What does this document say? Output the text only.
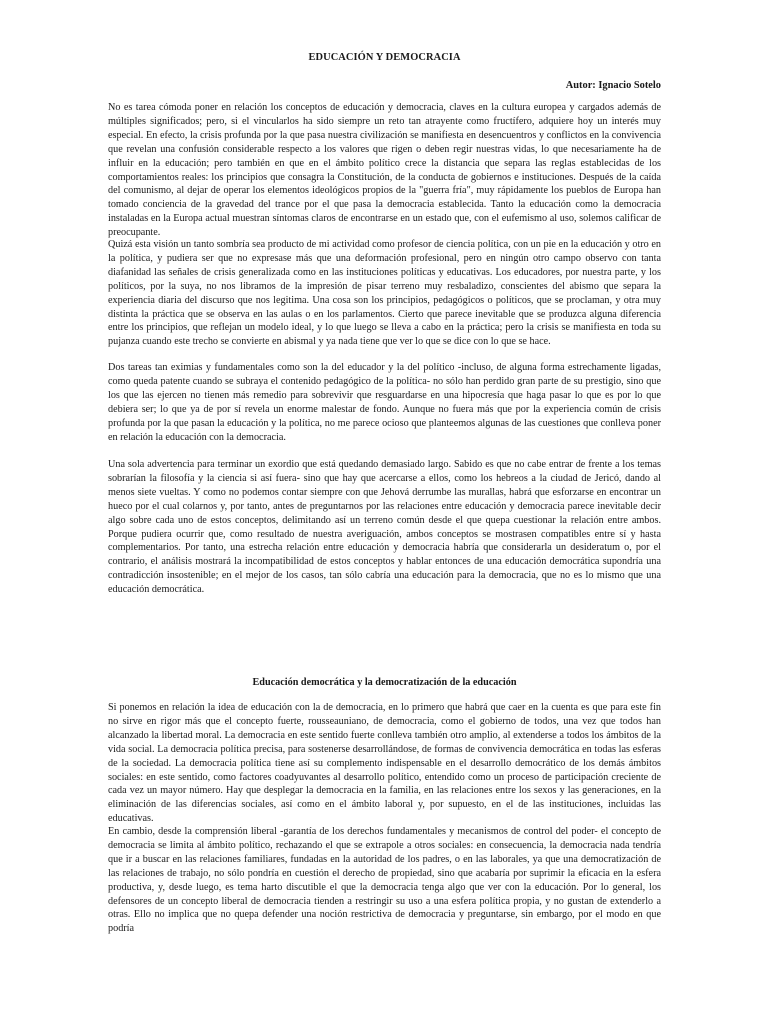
EDUCACIÓN Y DEMOCRACIA
Autor: Ignacio Sotelo

No es tarea cómoda poner en relación los conceptos de educación y democracia, claves en la cultura europea y cargados además de múltiples significados; pero, si el vincularlos ha sido siempre un reto tan atrayente como fructífero, adquiere hoy un interés muy especial. En efecto, la crisis profunda por la que pasa nuestra civilización se manifiesta en desencuentros y conflictos en la convivencia que revelan una confusión considerable respecto a los valores que rigen o deben regir nuestras vidas, lo que necesariamente ha de influir en la educación; pero también en que en el ámbito político crece la distancia que separa las reglas establecidas de los comportamientos reales: los principios que consagra la Constitución, de la conducta de gobiernos e instituciones. Después de la caída del comunismo, al dejar de operar los elementos ideológicos propios de la "guerra fría", muy rápidamente los pueblos de Europa han tomado conciencia de la gravedad del trance por el que pasa la democracia establecida. Tanto la educación como la democracia instaladas en la Europa actual muestran síntomas claros de encontrarse en un estado que, con el eufemismo al uso, solemos calificar de preocupante.

Quizá esta visión un tanto sombría sea producto de mi actividad como profesor de ciencia política, con un pie en la educación y otro en la política, y pudiera ser que no expresase más que una deformación profesional, pero en ningún otro campo observo con tanta diafanidad las señales de crisis generalizada como en las instituciones políticas y educativas. Los educadores, por nuestra parte, y los políticos, por la suya, no nos libramos de la impresión de pisar terreno muy resbaladizo, conscientes del abismo que separa la experiencia diaria del discurso que nos legitima. Una cosa son los principios, pedagógicos o políticos, que se proclaman, y otra muy distinta la práctica que se observa en las aulas o en los parlamentos. Cierto que parece inevitable que se produzca alguna diferencia entre los principios, que reflejan un modelo ideal, y lo que luego se lleva a cabo en la práctica; pero la crisis se manifiesta en toda su pujanza cuando este trecho se convierte en abismal y ya nada tiene que ver lo que se dice con lo que se hace.

Dos tareas tan eximias y fundamentales como son la del educador y la del político -incluso, de alguna forma estrechamente ligadas, como queda patente cuando se subraya el contenido pedagógico de la política- no sólo han perdido gran parte de su prestigio, sino que los que las ejercen no tienen más remedio para sobrevivir que resguardarse en una hipocresía que haga pasar lo que es por lo que debiera ser; lo que ya de por sí revela un enorme malestar de fondo. Aunque no fuera más que por la experiencia común de crisis profunda por la que pasan la educación y la política, no me parece ocioso que planteemos algunas de las cuestiones que conlleva poner en relación la educación con la democracia.

Una sola advertencia para terminar un exordio que está quedando demasiado largo. Sabido es que no cabe entrar de frente a los temas sobrarían la filosofía y la ciencia si así fuera- sino que hay que acercarse a ellos, como los hebreos a la ciudad de Jericó, dando al menos siete vueltas. Y como no podemos contar siempre con que Jehová derrumbe las murallas, habrá que esforzarse en encontrar un hueco por el cual colarnos y, por tanto, antes de preguntarnos por las relaciones entre educación y democracia parece inevitable decir algo sobre cada uno de estos conceptos, delimitando así un terreno común desde el que quepa cuestionar la relación entre ambos. Porque pudiera ocurrir que, como resultado de nuestra averiguación, ambos conceptos se mostrasen compatibles entre sí y hasta complementarios. Por tanto, una estrecha relación entre educación y democracia habría que considerarla un desideratum o, por el contrario, el análisis mostrará la incompatibilidad de estos conceptos y hablar entonces de una educación democrática supondría una contradicción insostenible; en el mejor de los casos, tan sólo cabría una educación para la democracia, que no es lo mismo que una educación democrática.

Educación democrática y la democratización de la educación

Si ponemos en relación la idea de educación con la de democracia, en lo primero que habrá que caer en la cuenta es que para este fin no sirve en rigor más que el concepto fuerte, rousseauniano, de democracia, como el gobierno de todos, una vez que todos han alcanzado la libertad moral. La democracia en este sentido fuerte conlleva también otro amplio, al extenderse a todos los ámbitos de la vida social. La democracia política precisa, para sostenerse desarrollándose, de formas de convivencia democrática en todas las esferas de la sociedad. La democracia política tiene así su complemento indispensable en el desarrollo democrático de los demás ámbitos sociales: en este sentido, como factores coadyuvantes al desarrollo político, entendido como un proceso de participación creciente de cada vez un mayor número. Hay que desplegar la democracia en la familia, en las relaciones entre los sexos y las generaciones, en la eliminación de las diferencias sociales, así como en el ámbito laboral y, por supuesto, en el de las instituciones, incluidas las educativas.

En cambio, desde la comprensión liberal -garantía de los derechos fundamentales y mecanismos de control del poder- el concepto de democracia se limita al ámbito político, rechazando el que se extrapole a otros sociales: en consecuencia, la democracia nada tendría que ir a buscar en las relaciones familiares, fundadas en la autoridad de los padres, o en las laborales, ya que una democratización de las relaciones de trabajo, no sólo pondría en cuestión el derecho de propiedad, sino que acabaría por suprimir la eficacia en la esfera productiva, y, desde luego, es tema harto discutible el que la democracia tenga algo que ver con la educación. Por lo general, los defensores de un concepto liberal de democracia tienden a restringir su uso a una esfera política propia, y no gustan de extenderlo a otras. Ello no implica que no quepa defender una noción restrictiva de democracia y preguntarse, sin embargo, por el modo en que podría
